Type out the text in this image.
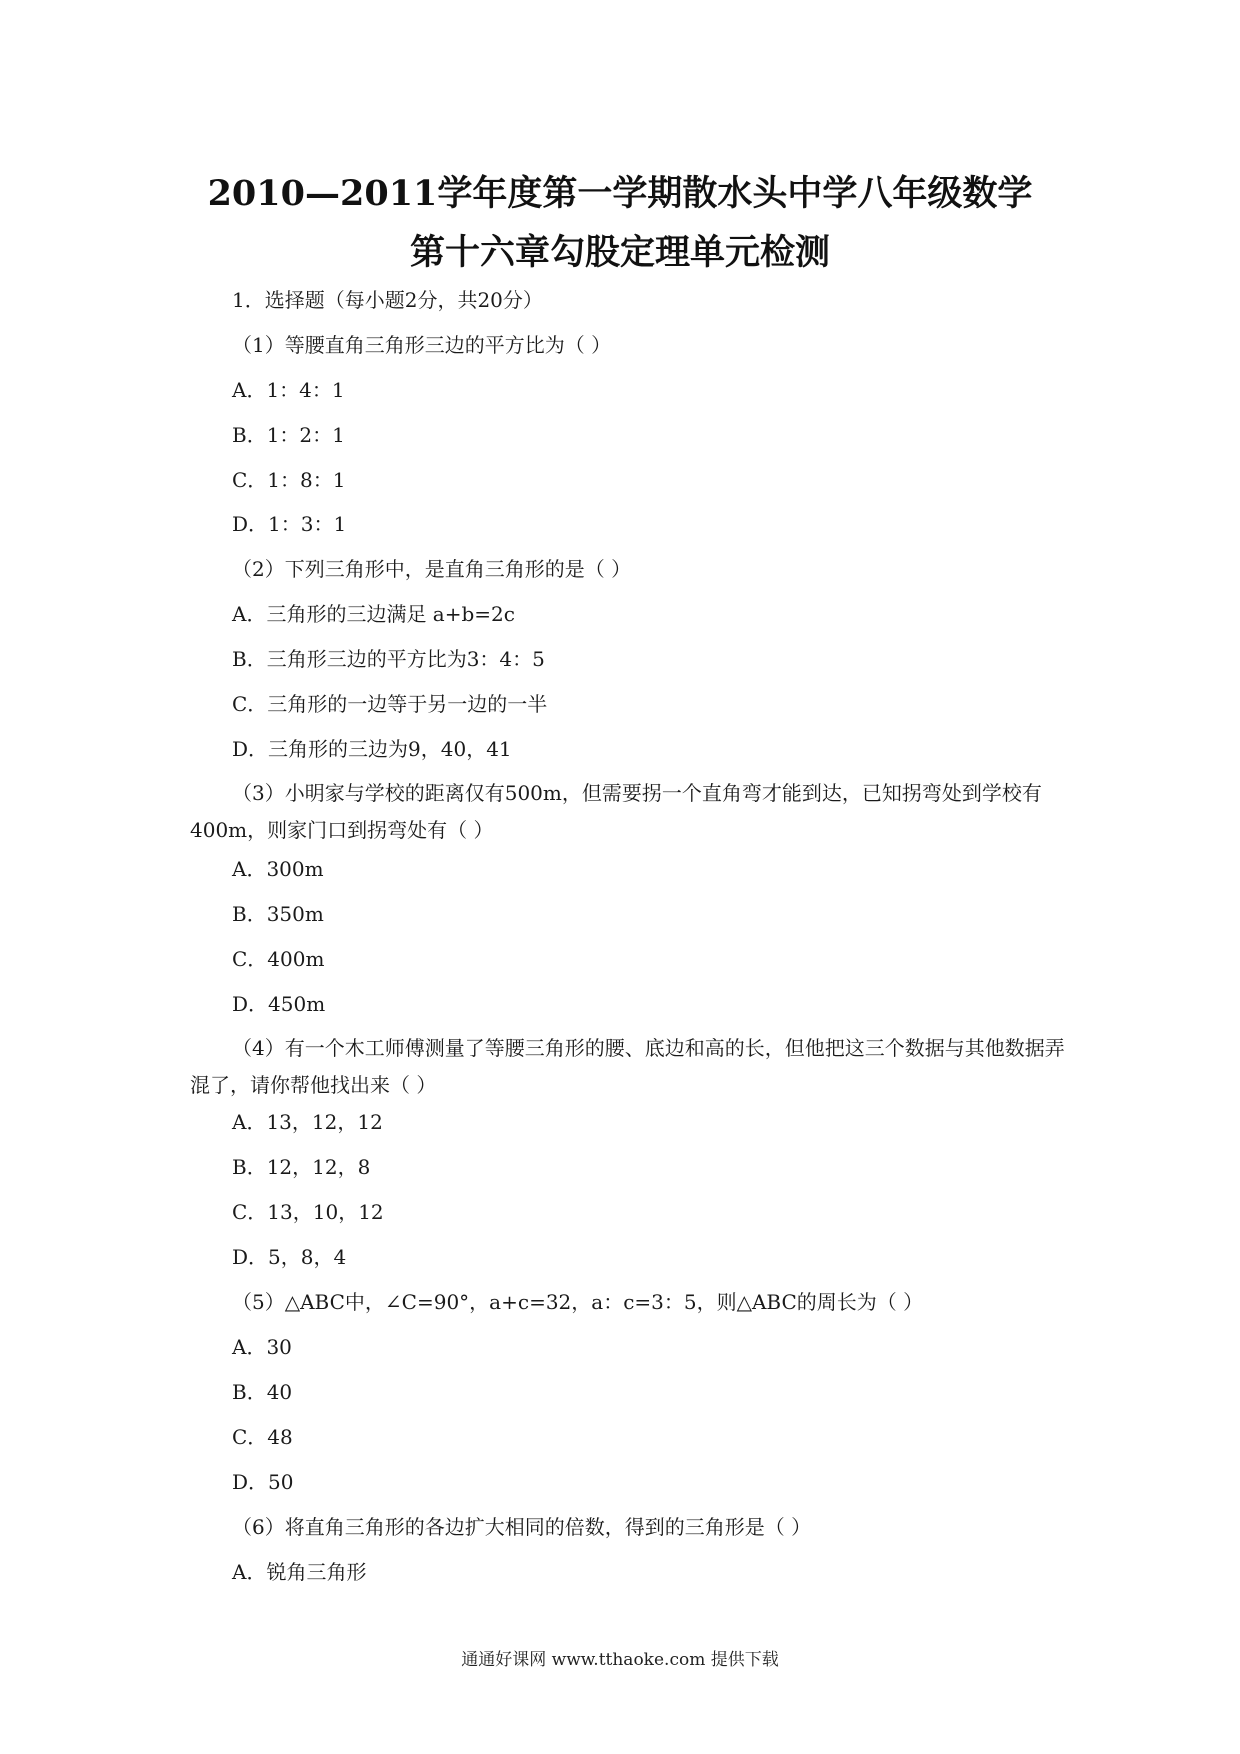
2010—2011学年度第一学期散水头中学八年级数学
第十六章勾股定理单元检测
1．选择题（每小题2分，共20分）
（1）等腰直角三角形三边的平方比为（ ）
A．1：4：1
B．1：2：1
C．1：8：1
D．1：3：1
（2）下列三角形中，是直角三角形的是（ ）
A．三角形的三边满足 a+b=2c
B．三角形三边的平方比为3：4：5
C．三角形的一边等于另一边的一半
D．三角形的三边为9，40，41
（3）小明家与学校的距离仅有500m，但需要拐一个直角弯才能到达，已知拐弯处到学校有400m，则家门口到拐弯处有（ ）
A．300m
B．350m
C．400m
D．450m
（4）有一个木工师傅测量了等腰三角形的腰、底边和高的长，但他把这三个数据与其他数据弄混了，请你帮他找出来（ ）
A．13，12，12
B．12，12，8
C．13，10，12
D．5，8，4
（5）△ABC中，∠C=90°，a+c=32，a：c=3：5，则△ABC的周长为（ ）
A．30
B．40
C．48
D．50
（6）将直角三角形的各边扩大相同的倍数，得到的三角形是（ ）
A．锐角三角形
通通好课网 www.tthaoke.com 提供下载
